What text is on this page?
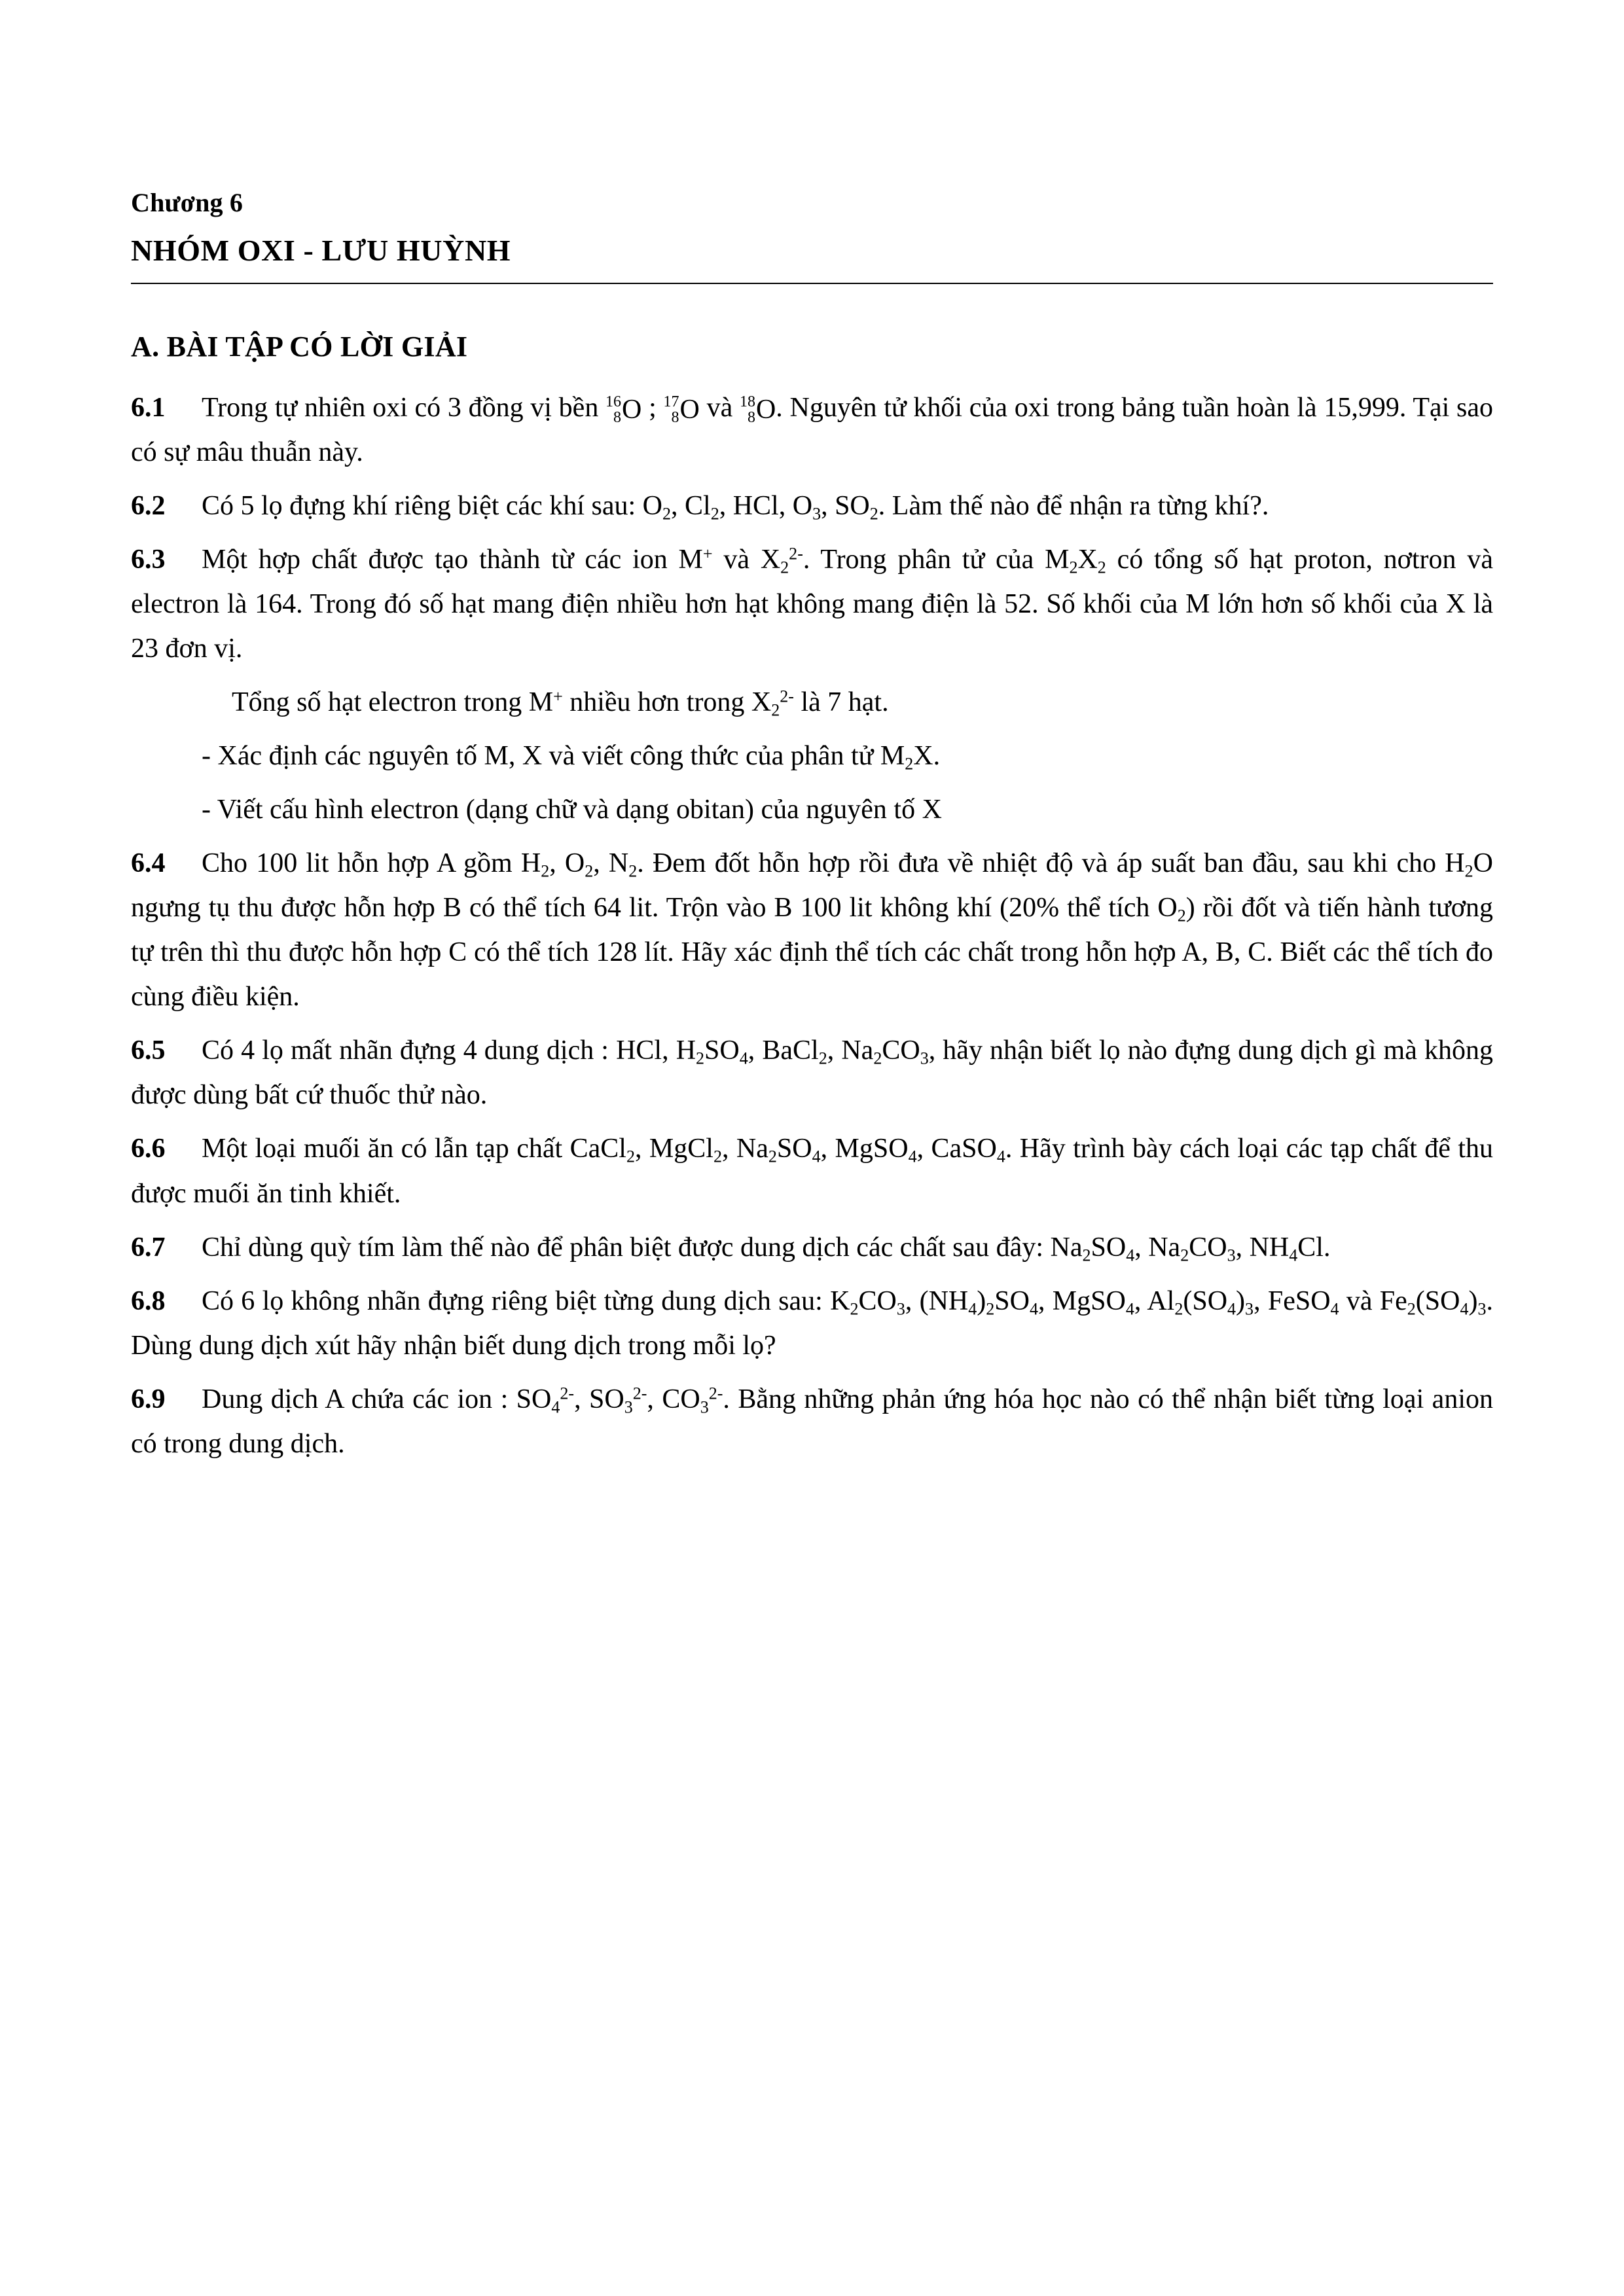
Chương 6
NHÓM OXI - LƯU HUỲNH
A. BÀI TẬP CÓ LỜI GIẢI
6.1 Trong tự nhiên oxi có 3 đồng vị bền 16
8 O ; 17
8 O và 18
8 O. Nguyên tử khối của oxi trong bảng tuần hoàn là 15,999. Tại sao có sự mâu thuẫn này.
6.2 Có 5 lọ đựng khí riêng biệt các khí sau: $O_2$, $Cl_2$, HCl, $O_3$, $SO_2$. Làm thế nào để nhận ra từng khí?.
6.3 Một hợp chất được tạo thành từ các ion M+ và $X_2^{2-}$. Trong phân tử của $M_2X_2$ có tổng số hạt proton, nơtron và electron là 164. Trong đó số hạt mang điện nhiều hơn hạt không mang điện là 52. Số khối của M lớn hơn số khối của X là 23 đơn vị.
Tổng số hạt electron trong M+ nhiều hơn trong $X_2^{2-}$ là 7 hạt.
- Xác định các nguyên tố M, X và viết công thức của phân tử $M_2X$.
- Viết cấu hình electron (dạng chữ và dạng obitan) của nguyên tố X
6.4 Cho 100 lit hỗn hợp A gồm $H_2$, $O_2$, $N_2$. Đem đốt hỗn hợp rồi đưa về nhiệt độ và áp suất ban đầu, sau khi cho $H_2O$ ngưng tụ thu được hỗn hợp B có thể tích 64 lit. Trộn vào B 100 lit không khí (20% thể tích $O_2$) rồi đốt và tiến hành tương tự trên thì thu được hỗn hợp C có thể tích 128 lít. Hãy xác định thể tích các chất trong hỗn hợp A, B, C. Biết các thể tích đo cùng điều kiện.
6.5 Có 4 lọ mất nhãn đựng 4 dung dịch : HCl, $H_2SO_4$, BaCl$_2$, $Na_2CO_3$, hãy nhận biết lọ nào đựng dung dịch gì mà không được dùng bất cứ thuốc thử nào.
6.6 Một loại muối ăn có lẫn tạp chất CaCl$_2$, MgCl$_2$, $Na_2SO_4$, MgSO$_4$, CaSO$_4$. Hãy trình bày cách loại các tạp chất để thu được muối ăn tinh khiết.
6.7 Chỉ dùng quỳ tím làm thế nào để phân biệt được dung dịch các chất sau đây: $Na_2SO_4$, $Na_2CO_3$, $NH_4Cl$.
6.8 Có 6 lọ không nhãn đựng riêng biệt từng dung dịch sau: $K_2CO_3$, $(NH_4)_2SO_4$, MgSO$_4$, $Al_2(SO_4)_3$, FeSO$_4$ và $Fe_2(SO_4)_3$. Dùng dung dịch xút hãy nhận biết dung dịch trong mỗi lọ?
6.9 Dung dịch A chứa các ion : $SO_4^{2-}$, $SO_3^{2-}$, $CO_3^{2-}$. Bằng những phản ứng hóa học nào có thể nhận biết từng loại anion có trong dung dịch.
